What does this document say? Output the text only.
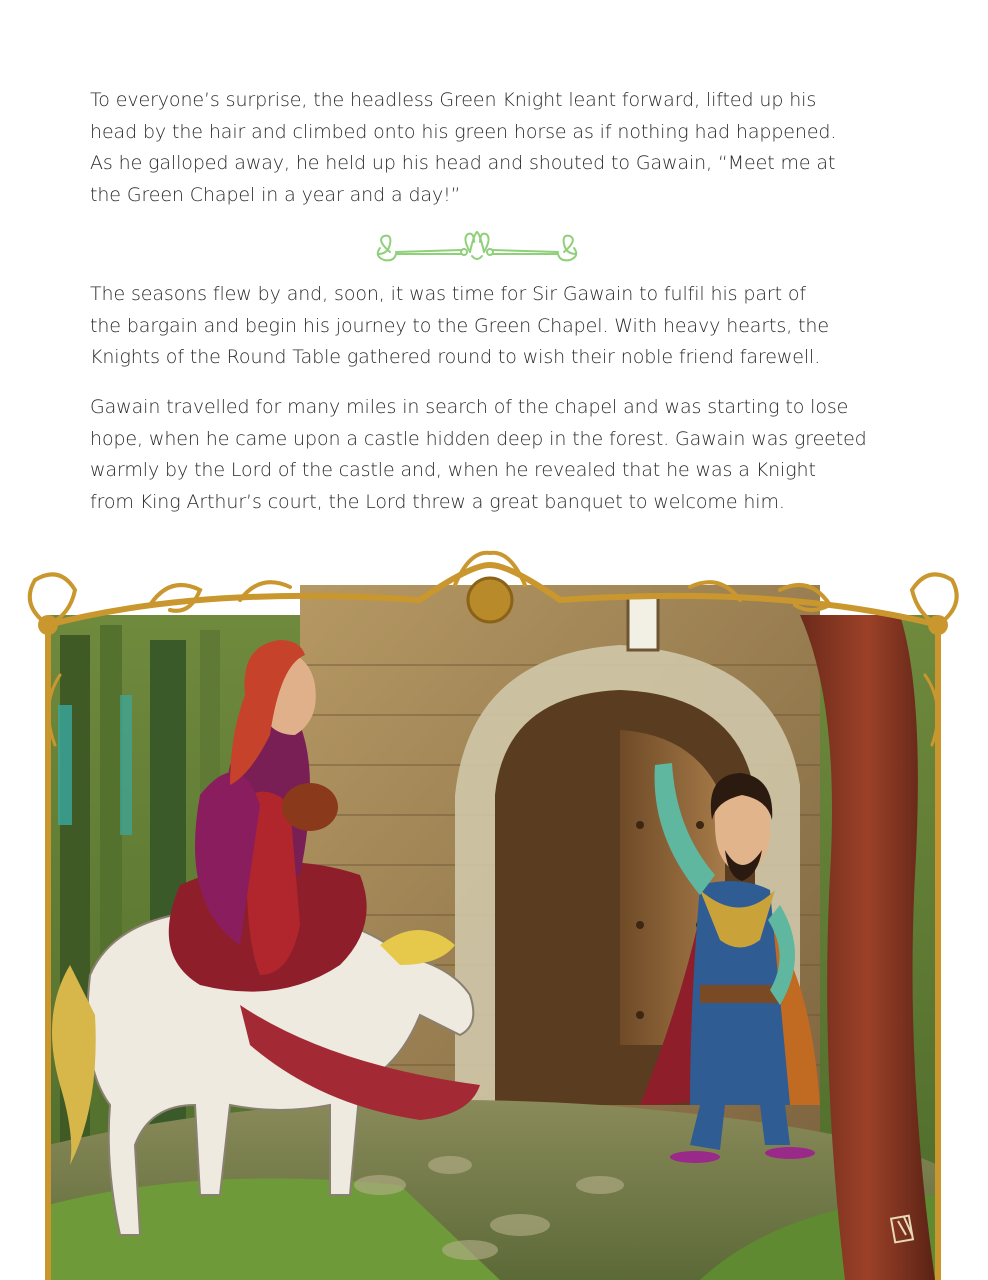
To everyone’s surprise, the headless Green Knight leant forward, lifted up his

head by the hair and climbed onto his green horse as if nothing had happened.

As he galloped away, he held up his head and shouted to Gawain, “Meet me at

the Green Chapel in a year and a day!”

The seasons flew by and, soon, it was time for Sir Gawain to fulfil his part of

the bargain and begin his journey to the Green Chapel. With heavy hearts, the

Knights of the Round Table gathered round to wish their noble friend farewell.

Gawain travelled for many miles in search of the chapel and was starting to lose

hope, when he came upon a castle hidden deep in the forest. Gawain was greeted

warmly by the Lord of the castle and, when he revealed that he was a Knight

from King Arthur’s court, the Lord threw a great banquet to welcome him.
